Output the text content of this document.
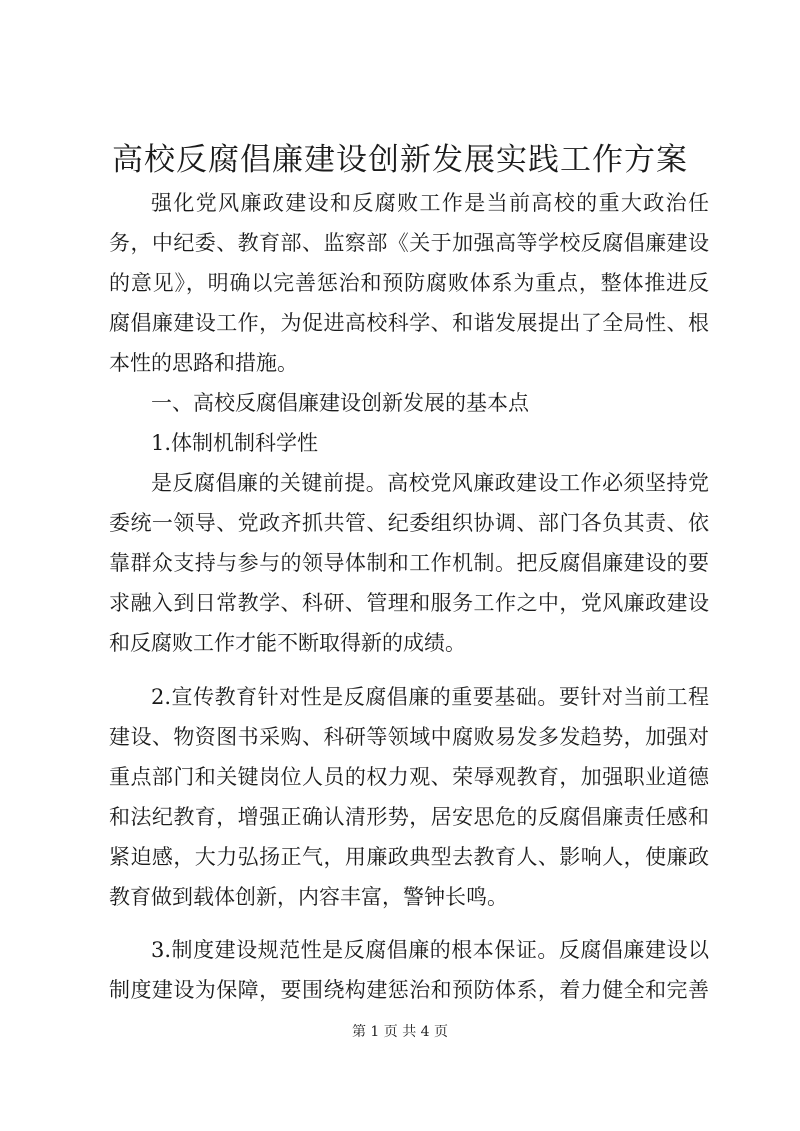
高校反腐倡廉建设创新发展实践工作方案
强化党风廉政建设和反腐败工作是当前高校的重大政治任
务，中纪委、教育部、监察部《关于加强高等学校反腐倡廉建设
的意见》，明确以完善惩治和预防腐败体系为重点，整体推进反
腐倡廉建设工作，为促进高校科学、和谐发展提出了全局性、根
本性的思路和措施。
一、高校反腐倡廉建设创新发展的基本点
1.体制机制科学性
是反腐倡廉的关键前提。高校党风廉政建设工作必须坚持党
委统一领导、党政齐抓共管、纪委组织协调、部门各负其责、依
靠群众支持与参与的领导体制和工作机制。把反腐倡廉建设的要
求融入到日常教学、科研、管理和服务工作之中，党风廉政建设
和反腐败工作才能不断取得新的成绩。
2.宣传教育针对性是反腐倡廉的重要基础。要针对当前工程
建设、物资图书采购、科研等领域中腐败易发多发趋势，加强对
重点部门和关键岗位人员的权力观、荣辱观教育，加强职业道德
和法纪教育，增强正确认清形势，居安思危的反腐倡廉责任感和
紧迫感，大力弘扬正气，用廉政典型去教育人、影响人，使廉政
教育做到载体创新，内容丰富，警钟长鸣。
3.制度建设规范性是反腐倡廉的根本保证。反腐倡廉建设以
制度建设为保障，要围绕构建惩治和预防体系，着力健全和完善
第 1 页 共 4 页
